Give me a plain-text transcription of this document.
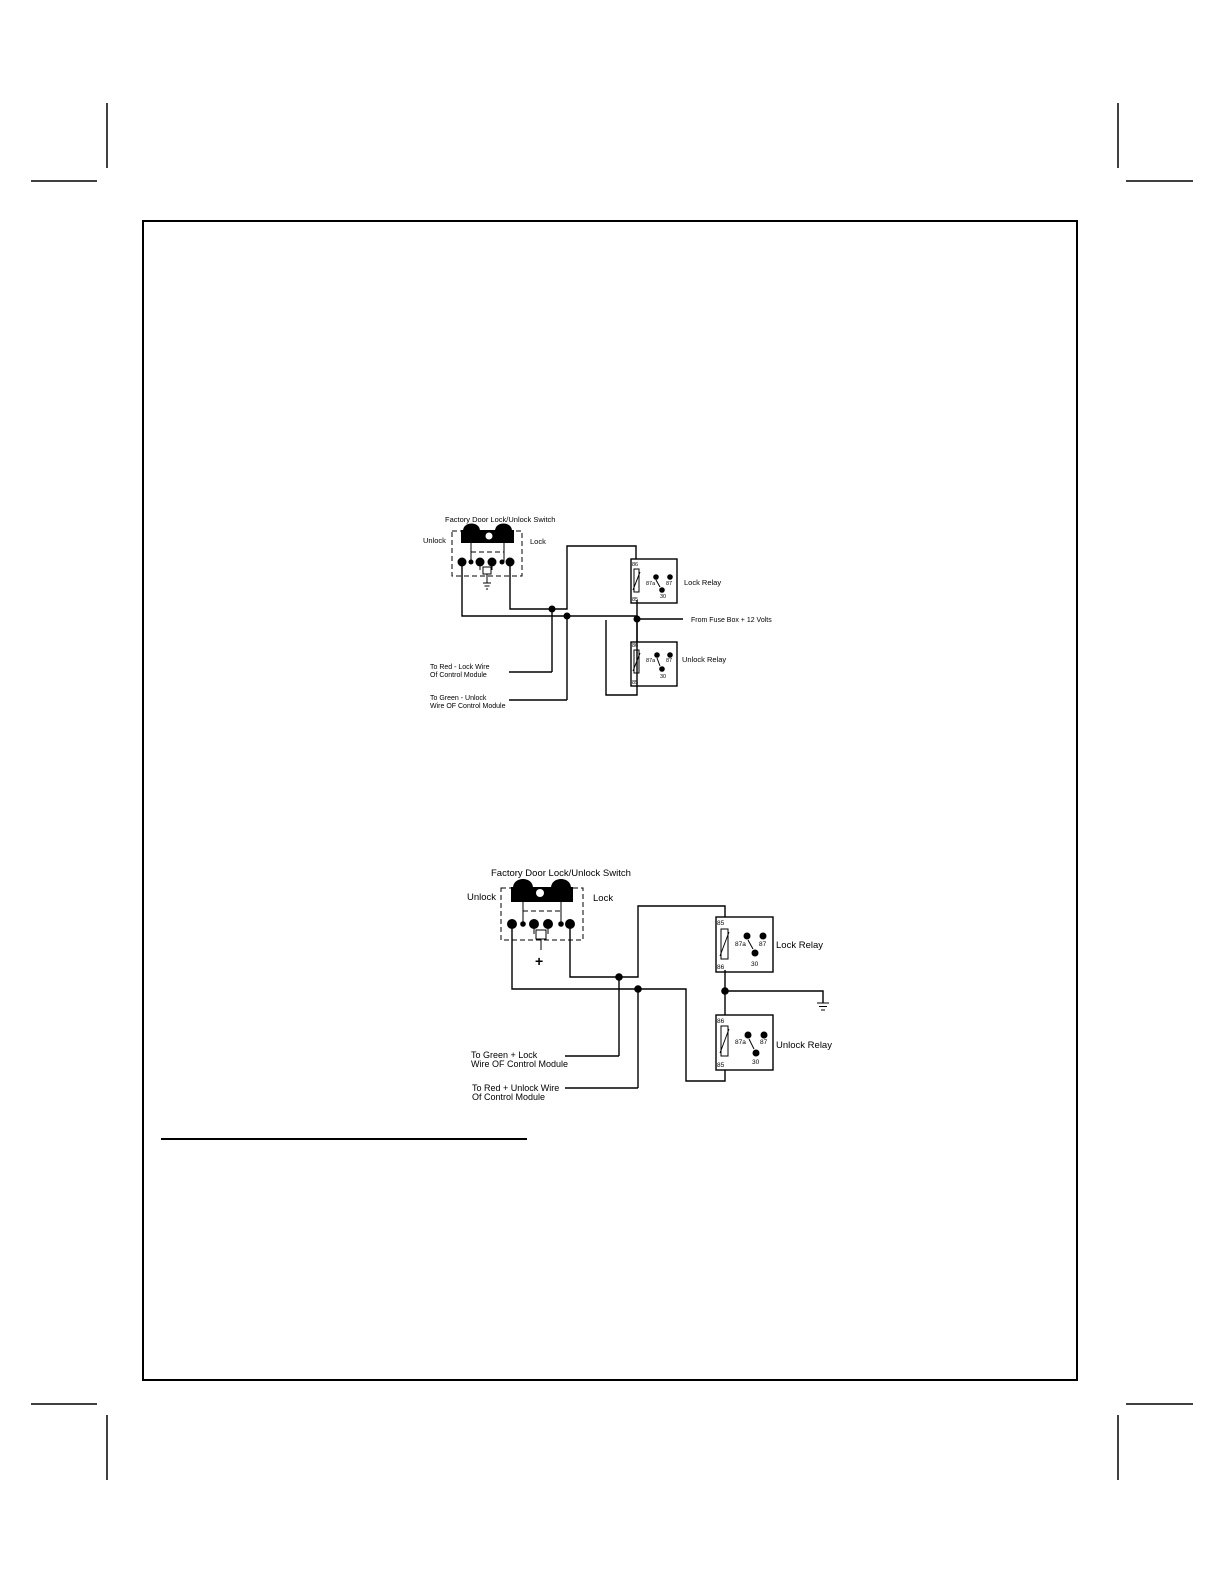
Factory Door Lock/Unlock Switch
Unlock	Lock
86
85
87a 87
30
Lock Relay
86
85
87a 87
30
Unlock Relay
From Fuse Box + 12 Volts
To Red - Lock Wire
Of Control Module
To Green - Unlock
Wire OF Control Module
Factory Door Lock/Unlock Switch
Unlock	Lock
+
85
86
87a 87
30
Lock Relay
86
85
87a 87
30
Unlock Relay
To Green + Lock
Wire OF Control Module
To Red + Unlock Wire
Of Control Module
